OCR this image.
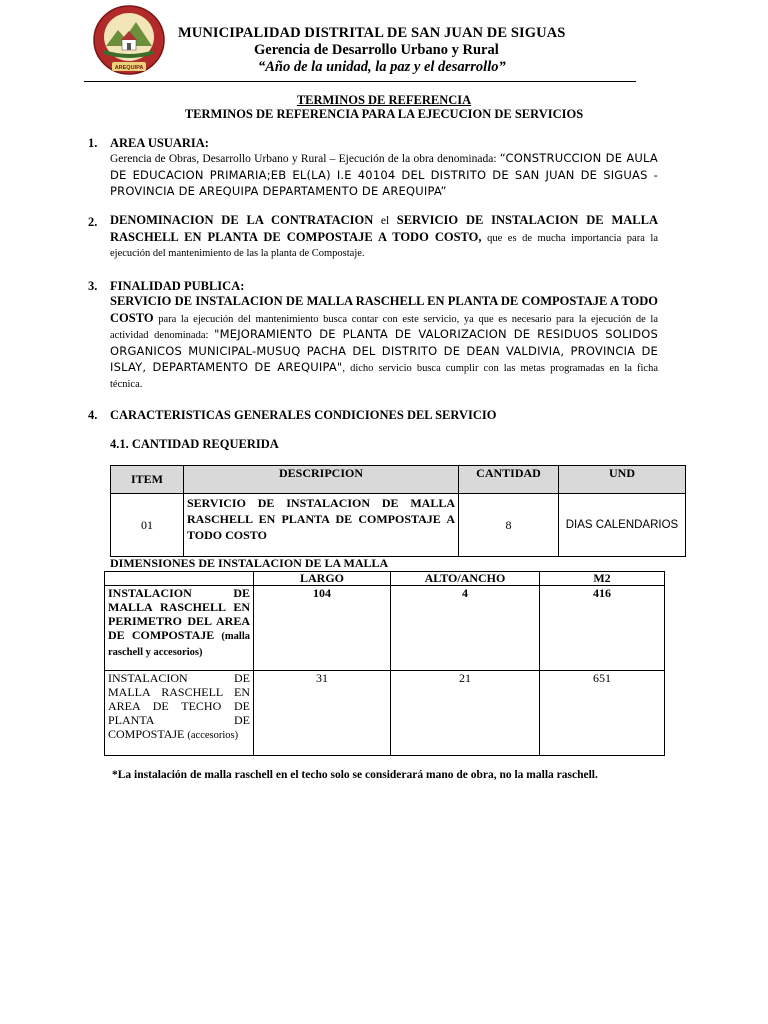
AREQUIPA
MUNICIPALIDAD DISTRITAL DE SAN JUAN DE SIGUAS
Gerencia de Desarrollo Urbano y Rural
“Año de la unidad, la paz y el desarrollo”
TERMINOS DE REFERENCIA
TERMINOS DE REFERENCIA PARA LA EJECUCION DE SERVICIOS
1. AREA USUARIA:
Gerencia de Obras, Desarrollo Urbano y Rural – Ejecución de la obra denominada: “CONSTRUCCION DE AULA DE EDUCACION PRIMARIA;EB EL(LA) I.E 40104 DEL DISTRITO DE SAN JUAN DE SIGUAS - PROVINCIA DE AREQUIPA DEPARTAMENTO DE AREQUIPA”
2. DENOMINACION DE LA CONTRATACION el SERVICIO DE INSTALACION DE MALLA RASCHELL EN PLANTA DE COMPOSTAJE A TODO COSTO, que es de mucha importancia para la ejecución del mantenimiento de las la planta de Compostaje.
3. FINALIDAD PUBLICA:
SERVICIO DE INSTALACION DE MALLA RASCHELL EN PLANTA DE COMPOSTAJE A TODO COSTO para la ejecución del mantenimiento busca contar con este servicio, ya que es necesario para la ejecución de la actividad denominada: "MEJORAMIENTO DE PLANTA DE VALORIZACION DE RESIDUOS SOLIDOS ORGANICOS MUNICIPAL-MUSUQ PACHA DEL DISTRITO DE DEAN VALDIVIA, PROVINCIA DE ISLAY, DEPARTAMENTO DE AREQUIPA", dicho servicio busca cumplir con las metas programadas en la ficha técnica.
4. CARACTERISTICAS GENERALES CONDICIONES DEL SERVICIO
4.1. CANTIDAD REQUERIDA
ITEM	DESCRIPCION	CANTIDAD	UND
01	SERVICIO DE INSTALACION DE MALLA RASCHELL EN PLANTA DE COMPOSTAJE A TODO COSTO	8	DIAS CALENDARIOS
DIMENSIONES DE INSTALACION DE LA MALLA
	LARGO	ALTO/ANCHO	M2
INSTALACION DE MALLA RASCHELL EN PERIMETRO DEL AREA DE COMPOSTAJE (malla raschell y accesorios)	104	4	416
INSTALACION DE MALLA RASCHELL EN AREA DE TECHO DE PLANTA DE COMPOSTAJE (accesorios)	31	21	651
*La instalación de malla raschell en el techo solo se considerará mano de obra, no la malla raschell.
